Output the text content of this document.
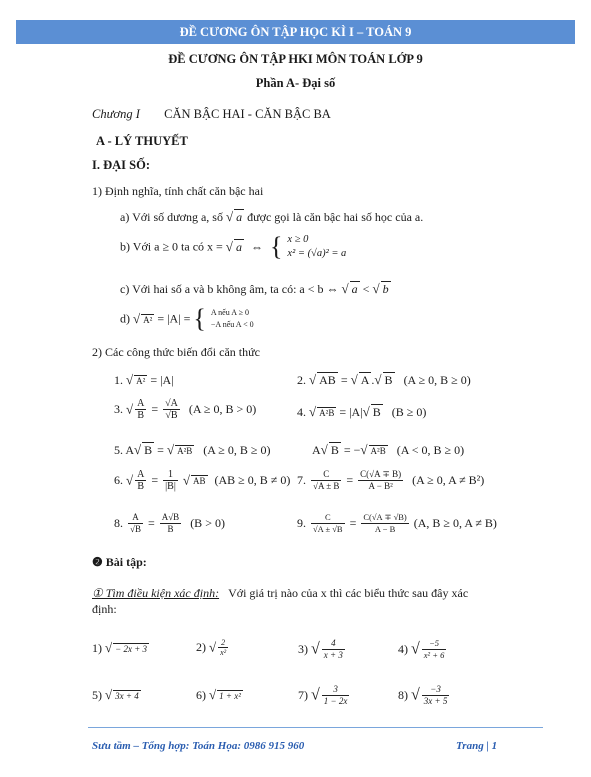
ĐỀ CƯƠNG ÔN TẬP HỌC KÌ I – TOÁN 9
ĐỀ CƯƠNG ÔN TẬP HKI MÔN TOÁN LỚP 9
Phần A- Đại số
Chương I CĂN BẬC HAI - CĂN BẬC BA
A - LÝ THUYẾT
I. ĐẠI SỐ:
1) Định nghĩa, tính chất căn bậc hai
a) Với số dương a, số √ a được gọi là căn bậc hai số học của a.
b) Với a ≥ 0 ta có x = √ a ⇔ { x ≥ 0
x² = (√a)² = a
c) Với hai số a và b không âm, ta có: a < b ⇔ √ a < √ b
d) √ A² = |A| = { A nếu A ≥ 0
−A nếu A < 0
2) Các công thức biến đổi căn thức
1. √ A² = |A|	2. √ AB = √ A .√ B (A ≥ 0, B ≥ 0)
3. √ $\frac{A}{B} = \frac{√A}{√B} (A \ge 0$, B > 0)	4. √ A²B = |A|√ B (B ≥ 0)
5. A√ B = √ A²B (A ≥ 0, B ≥ 0)	A√ B = −√ A²B (A < 0, B ≥ 0)
6. √ $\frac{A}{B} = \frac{1}{|B|}$ √ AB (AB ≥ 0, B ≠ 0) 7. $\frac{C}{√A \pm B} = \frac{C(√A \mp B)}{\text{A − B²}} (A \ge 0$, A ≠ B²)
8. $\frac{A}{√B} = \frac{A√B}{B} (B > 0)$	9. $\frac{C}{√A \pm √B} = \frac{C(√A \mp √B)}{A - B} (A$, B ≥ 0, A ≠ B)
❷ Bài tập:
① Tìm điều kiện xác định: Với giá trị nào của x thì các biểu thức sau đây xác
định:
1) √ − 2x + 3	2) √ $\frac{2}{\text{x²}}$	3) √ $\frac{4}{x + 3}$	4) √ $\frac{-5}{\text{x² + 6}}$
5) √ 3x + 4	6) √ 1 + x²	7) √ $\frac{3}{1 - 2x}$	8) √ $\frac{-3}{3x + 5}$
Sưu tầm – Tổng hợp: Toán Họa: 0986 915 960	Trang | 1
